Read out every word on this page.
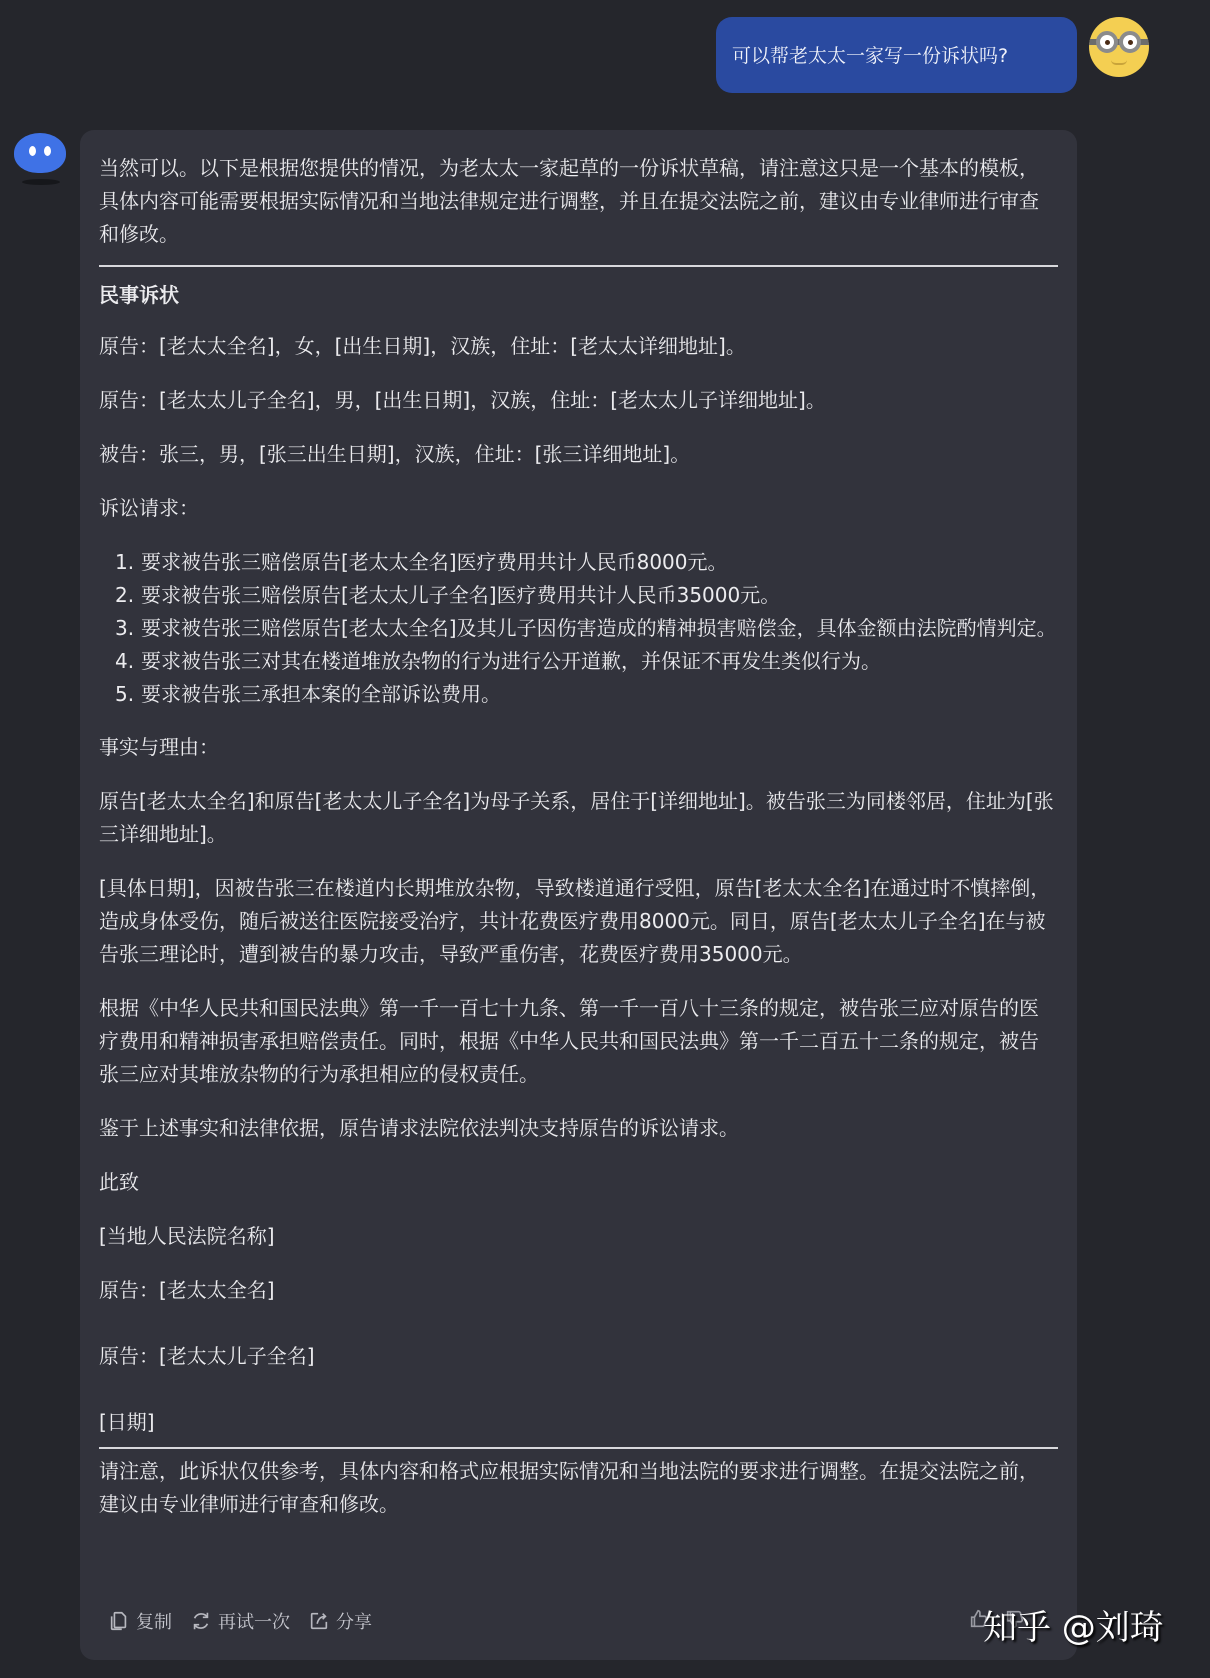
可以帮老太太一家写一份诉状吗?

当然可以。以下是根据您提供的情况，为老太太一家起草的一份诉状草稿，请注意这只是一个基本的模板，具体内容可能需要根据实际情况和当地法律规定进行调整，并且在提交法院之前，建议由专业律师进行审查和修改。

民事诉状

原告：[老太太全名]，女，[出生日期]，汉族，住址：[老太太详细地址]。

原告：[老太太儿子全名]，男，[出生日期]，汉族，住址：[老太太儿子详细地址]。

被告：张三，男，[张三出生日期]，汉族，住址：[张三详细地址]。

诉讼请求：

1. 要求被告张三赔偿原告[老太太全名]医疗费用共计人民币8000元。
2. 要求被告张三赔偿原告[老太太儿子全名]医疗费用共计人民币35000元。
3. 要求被告张三赔偿原告[老太太全名]及其儿子因伤害造成的精神损害赔偿金，具体金额由法院酌情判定。
4. 要求被告张三对其在楼道堆放杂物的行为进行公开道歉，并保证不再发生类似行为。
5. 要求被告张三承担本案的全部诉讼费用。

事实与理由：

原告[老太太全名]和原告[老太太儿子全名]为母子关系，居住于[详细地址]。被告张三为同楼邻居，住址为[张三详细地址]。

[具体日期]，因被告张三在楼道内长期堆放杂物，导致楼道通行受阻，原告[老太太全名]在通过时不慎摔倒，造成身体受伤，随后被送往医院接受治疗，共计花费医疗费用8000元。同日，原告[老太太儿子全名]在与被告张三理论时，遭到被告的暴力攻击，导致严重伤害，花费医疗费用35000元。

根据《中华人民共和国民法典》第一千一百七十九条、第一千一百八十三条的规定，被告张三应对原告的医疗费用和精神损害承担赔偿责任。同时，根据《中华人民共和国民法典》第一千二百五十二条的规定，被告张三应对其堆放杂物的行为承担相应的侵权责任。

鉴于上述事实和法律依据，原告请求法院依法判决支持原告的诉讼请求。

此致

[当地人民法院名称]

原告：[老太太全名]

原告：[老太太儿子全名]

[日期]

请注意，此诉状仅供参考，具体内容和格式应根据实际情况和当地法院的要求进行调整。在提交法院之前，建议由专业律师进行审查和修改。

复制	再试一次	分享	知乎 @刘琦
